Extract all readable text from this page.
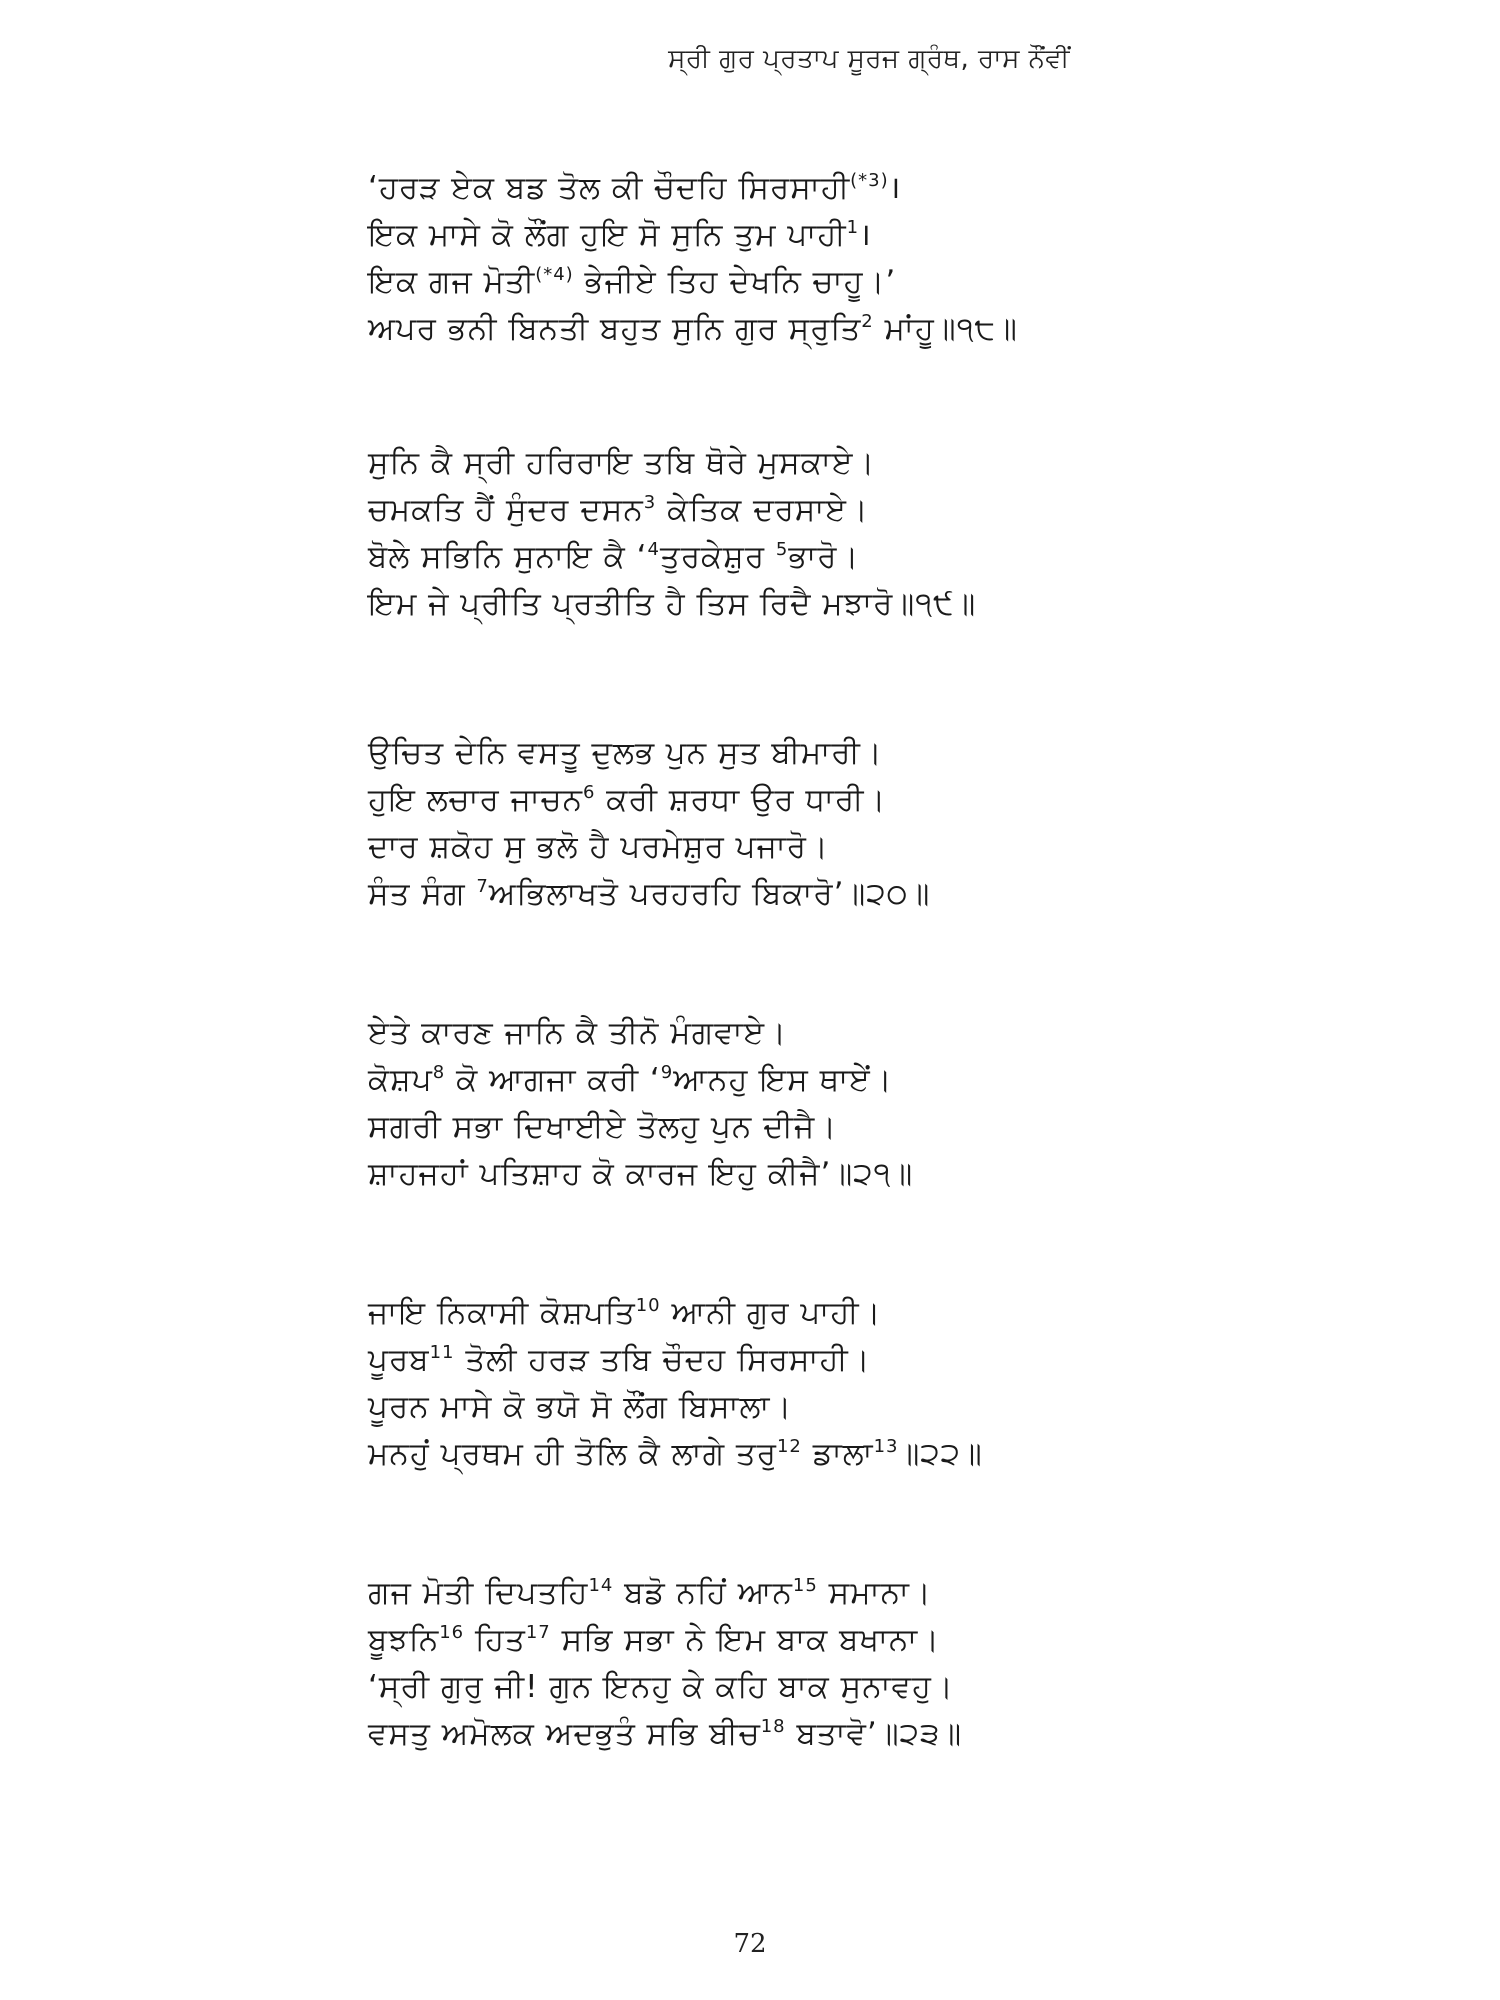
ਸ੍ਰੀ ਗੁਰ ਪ੍ਰਤਾਪ ਸੂਰਜ ਗ੍ਰੰਥ, ਰਾਸ ਨੌਂਵੀਂ
‘ਹਰੜ ਏਕ ਬਡ ਤੋਲ ਕੀ ਚੌਦਹਿ ਸਿਰਸਾਹੀ$^{(*3)}$।
ਇਕ ਮਾਸੇ ਕੋ ਲੌਂਗ ਹੁਇ ਸੋ ਸੁਨਿ ਤੁਮ ਪਾਹੀ$^1$।
ਇਕ ਗਜ ਮੋਤੀ$^{(*4)}$ ਭੇਜੀਏ ਤਿਹ ਦੇਖਨਿ ਚਾਹੂ।’
ਅਪਰ ਭਨੀ ਬਿਨਤੀ ਬਹੁਤ ਸੁਨਿ ਗੁਰ ਸ੍ਰੁਤਿ$^2$ ਮਾਂਹੂ॥੧੮॥
ਸੁਨਿ ਕੈ ਸ੍ਰੀ ਹਰਿਰਾਇ ਤਬਿ ਥੋਰੇ ਮੁਸਕਾਏ।
ਚਮਕਤਿ ਹੈਂ ਸੁੰਦਰ ਦਸਨ$^3$ ਕੇਤਿਕ ਦਰਸਾਏ।
ਬੋਲੇ ਸਭਿਨਿ ਸੁਨਾਇ ਕੈ ‘$^4$ਤੁਰਕੇਸ਼ੁਰ $^5$ਭਾਰੋ।
ਇਮ ਜੇ ਪ੍ਰੀਤਿ ਪ੍ਰਤੀਤਿ ਹੈ ਤਿਸ ਰਿਦੈ ਮਝਾਰੋ॥੧੯॥
ਉਚਿਤ ਦੇਨਿ ਵਸਤੂ ਦੁਲਭ ਪੁਨ ਸੁਤ ਬੀਮਾਰੀ।
ਹੁਇ ਲਚਾਰ ਜਾਚਨ$^6$ ਕਰੀ ਸ਼ਰਧਾ ਉਰ ਧਾਰੀ।
ਦਾਰ ਸ਼ਕੋਹ ਸੁ ਭਲੋ ਹੈ ਪਰਮੇਸ਼ੁਰ ਪਜਾਰੋ।
ਸੰਤ ਸੰਗ $^7$ਅਭਿਲਾਖਤੋ ਪਰਹਰਹਿ ਬਿਕਾਰੋ’॥੨੦॥
ਏਤੇ ਕਾਰਣ ਜਾਨਿ ਕੈ ਤੀਨੋ ਮੰਗਵਾਏ।
ਕੋਸ਼ਪ$^8$ ਕੋ ਆਗਜਾ ਕਰੀ ‘$^9$ਆਨਹੁ ਇਸ ਥਾਏਂ।
ਸਗਰੀ ਸਭਾ ਦਿਖਾਈਏ ਤੋਲਹੁ ਪੁਨ ਦੀਜੈ।
ਸ਼ਾਹਜਹਾਂ ਪਤਿਸ਼ਾਹ ਕੋ ਕਾਰਜ ਇਹੁ ਕੀਜੈ’॥੨੧॥
ਜਾਇ ਨਿਕਾਸੀ ਕੋਸ਼ਪਤਿ$^{10}$ ਆਨੀ ਗੁਰ ਪਾਹੀ।
ਪੂਰਬ$^{11}$ ਤੋਲੀ ਹਰੜ ਤਬਿ ਚੌਦਹ ਸਿਰਸਾਹੀ।
ਪੂਰਨ ਮਾਸੇ ਕੋ ਭਯੋ ਸੋ ਲੌਂਗ ਬਿਸਾਲਾ।
ਮਨਹੁਂ ਪ੍ਰਥਮ ਹੀ ਤੋਲਿ ਕੈ ਲਾਗੇ ਤਰੁ$^{12}$ ਡਾਲਾ$^{13}$॥੨੨॥
ਗਜ ਮੋਤੀ ਦਿਪਤਹਿ$^{14}$ ਬਡੋ ਨਹਿਂ ਆਨ$^{15}$ ਸਮਾਨਾ।
ਬੂਝਨਿ$^{16}$ ਹਿਤ$^{17}$ ਸਭਿ ਸਭਾ ਨੇ ਇਮ ਬਾਕ ਬਖਾਨਾ।
‘ਸ੍ਰੀ ਗੁਰੁ ਜੀ! ਗੁਨ ਇਨਹੁ ਕੇ ਕਹਿ ਬਾਕ ਸੁਨਾਵਹੁ।
ਵਸਤੁ ਅਮੋਲਕ ਅਦਭੁਤੰ ਸਭਿ ਬੀਚ$^{18}$ ਬਤਾਵੋ’॥੨੩॥
72
